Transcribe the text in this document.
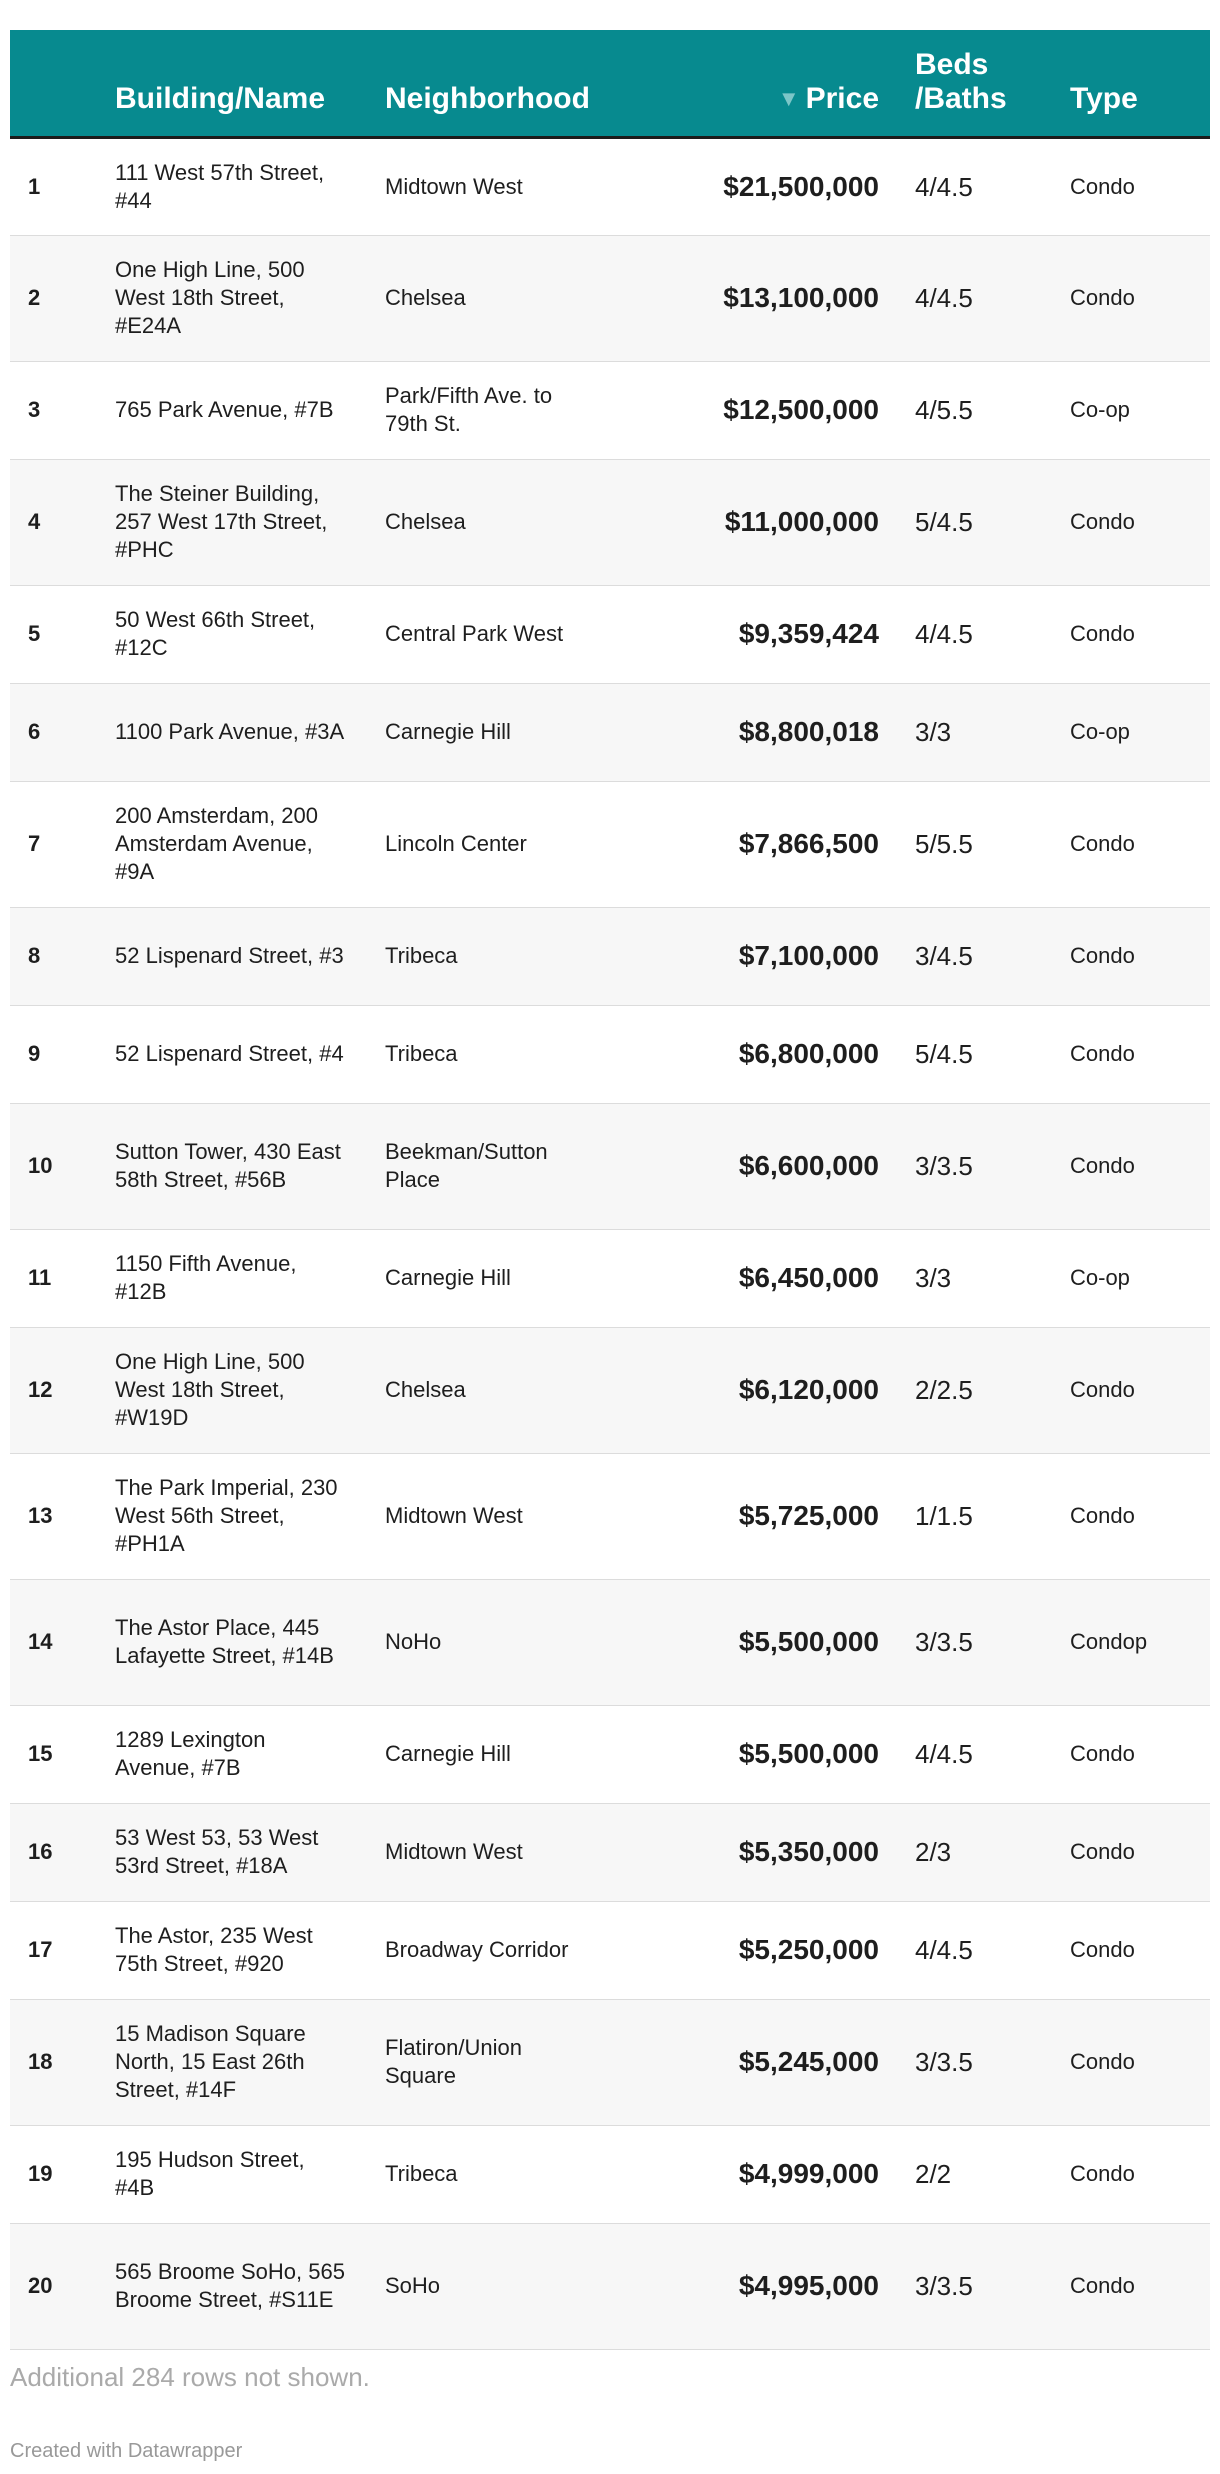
	Building/Name	Neighborhood	▼ Price	Beds /Baths	Type
1	111 West 57th Street, #44	Midtown West	$21,500,000	4/4.5	Condo
2	One High Line, 500 West 18th Street, #E24A	Chelsea	$13,100,000	4/4.5	Condo
3	765 Park Avenue, #7B	Park/Fifth Ave. to 79th St.	$12,500,000	4/5.5	Co-op
4	The Steiner Building, 257 West 17th Street, #PHC	Chelsea	$11,000,000	5/4.5	Condo
5	50 West 66th Street, #12C	Central Park West	$9,359,424	4/4.5	Condo
6	1100 Park Avenue, #3A	Carnegie Hill	$8,800,018	3/3	Co-op
7	200 Amsterdam, 200 Amsterdam Avenue, #9A	Lincoln Center	$7,866,500	5/5.5	Condo
8	52 Lispenard Street, #3	Tribeca	$7,100,000	3/4.5	Condo
9	52 Lispenard Street, #4	Tribeca	$6,800,000	5/4.5	Condo
10	Sutton Tower, 430 East 58th Street, #56B	Beekman/Sutton Place	$6,600,000	3/3.5	Condo
11	1150 Fifth Avenue, #12B	Carnegie Hill	$6,450,000	3/3	Co-op
12	One High Line, 500 West 18th Street, #W19D	Chelsea	$6,120,000	2/2.5	Condo
13	The Park Imperial, 230 West 56th Street, #PH1A	Midtown West	$5,725,000	1/1.5	Condo
14	The Astor Place, 445 Lafayette Street, #14B	NoHo	$5,500,000	3/3.5	Condop
15	1289 Lexington Avenue, #7B	Carnegie Hill	$5,500,000	4/4.5	Condo
16	53 West 53, 53 West 53rd Street, #18A	Midtown West	$5,350,000	2/3	Condo
17	The Astor, 235 West 75th Street, #920	Broadway Corridor	$5,250,000	4/4.5	Condo
18	15 Madison Square North, 15 East 26th Street, #14F	Flatiron/Union Square	$5,245,000	3/3.5	Condo
19	195 Hudson Street, #4B	Tribeca	$4,999,000	2/2	Condo
20	565 Broome SoHo, 565 Broome Street, #S11E	SoHo	$4,995,000	3/3.5	Condo
Additional 284 rows not shown.
Created with Datawrapper
